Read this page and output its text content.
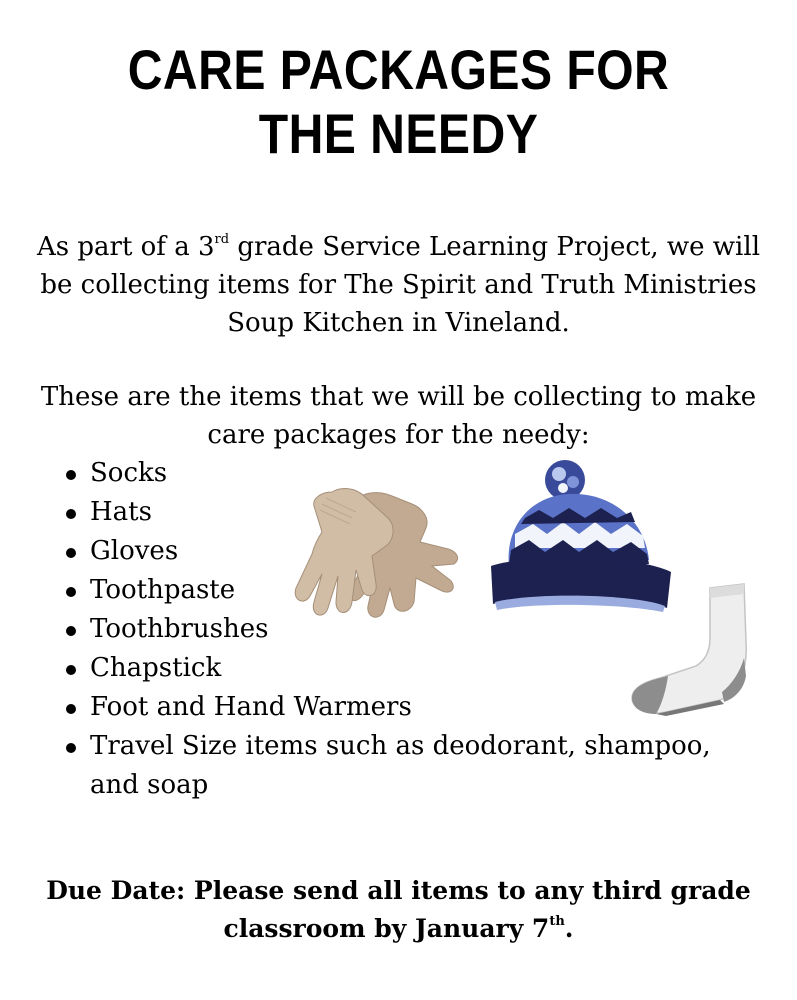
CARE PACKAGES FOR
THE NEEDY

As part of a 3rd grade Service Learning Project, we will be collecting items for The Spirit and Truth Ministries Soup Kitchen in Vineland.

These are the items that we will be collecting to make care packages for the needy:

Socks
Hats
Gloves
Toothpaste
Toothbrushes
Chapstick
Foot and Hand Warmers
Travel Size items such as deodorant, shampoo, and soap

Due Date: Please send all items to any third grade classroom by January 7th.
